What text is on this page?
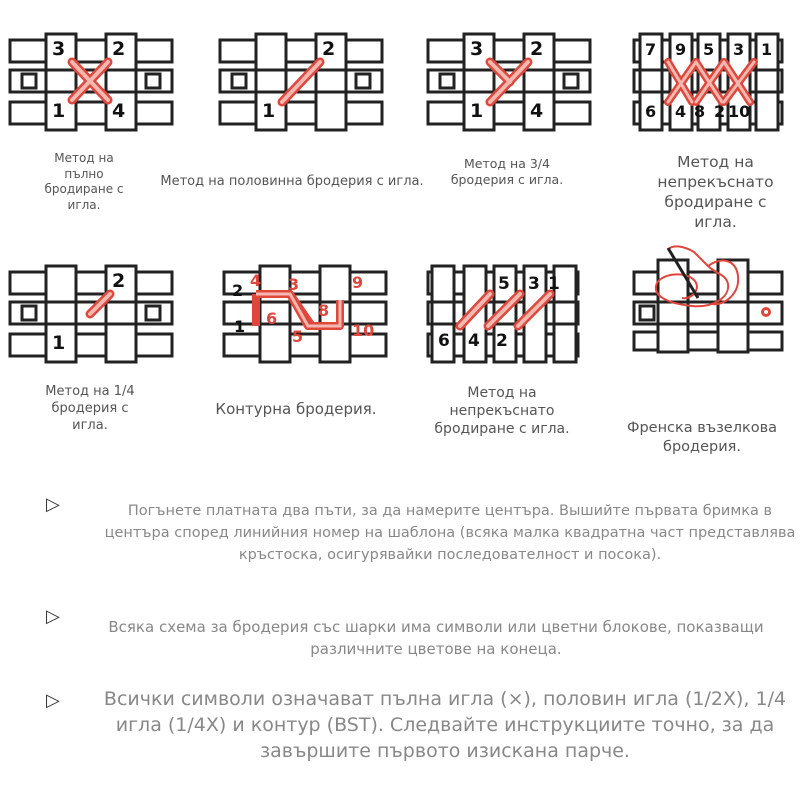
3 2
1 4
Метод на пълно бродиране с игла.
2
1
Метод на половинна бродерия с игла.
3 2
1 4
Метод на 3/4 бродерия с игла.
7 9 5 3 1
6 4 8 2 10
Метод на непрекъснато бродиране с игла.
2
1
Метод на 1/4 бродерия с игла.
2
1
4 3
6	8
5
9
10
Контурна бродерия.
5 3 1
6 4 2
Метод на непрекъснато бродиране с игла.	Френска възелкова бродерия.
▷	Погънете платната два пъти, за да намерите центъра. Вышийте първата бримка в центъра според линийния номер на шаблона (всяка малка квадратна част представлява кръстоска, осигурявайки последователност и посока).
▷	Всяка схема за бродерия със шарки има символи или цветни блокове, показващи различните цветове на конеца.
▷	Всички символи означават пълна игла (×), половин игла (1/2X), 1/4 игла (1/4X) и контур (BST). Следвайте инструкциите точно, за да завършите първото изискана парче.
